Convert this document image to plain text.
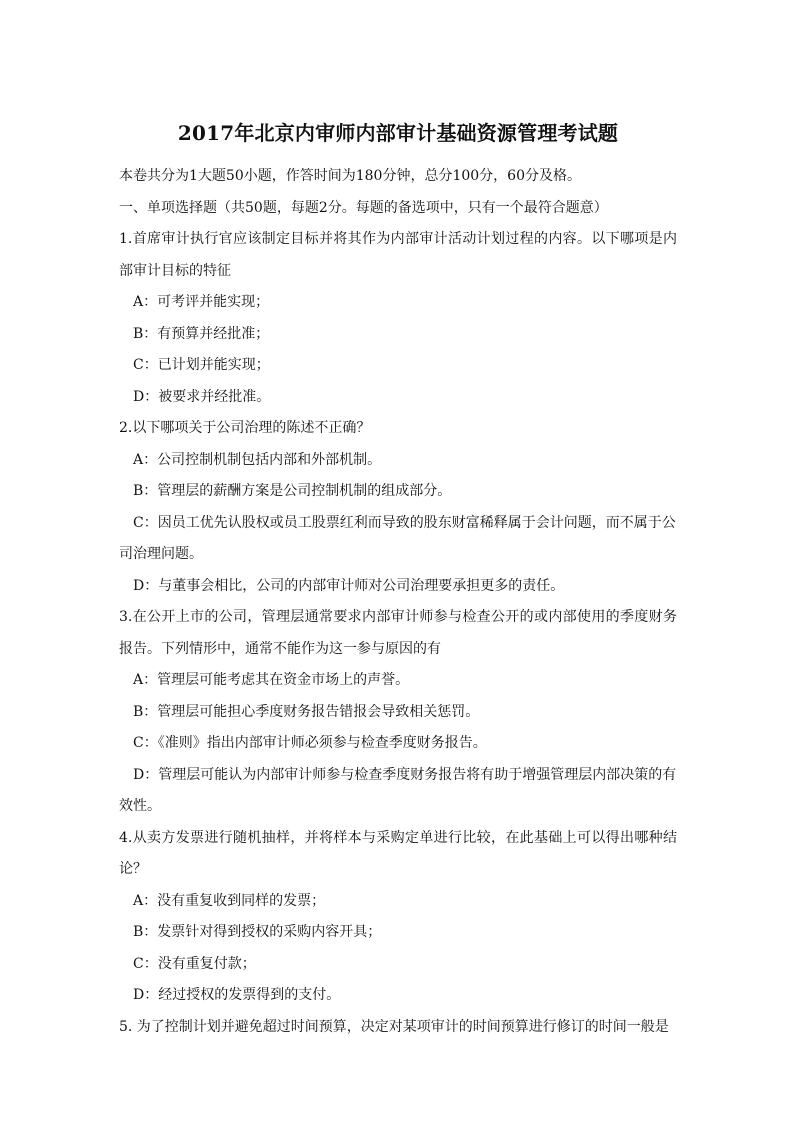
2017年北京内审师内部审计基础资源管理考试题

本卷共分为1大题50小题，作答时间为180分钟，总分100分，60分及格。

一、单项选择题（共50题，每题2分。每题的备选项中，只有一个最符合题意）

1.首席审计执行官应该制定目标并将其作为内部审计活动计划过程的内容。以下哪项是内部审计目标的特征

A：可考评并能实现；

B：有预算并经批准；

C：已计划并能实现；

D：被要求并经批准。

2.以下哪项关于公司治理的陈述不正确？

A：公司控制机制包括内部和外部机制。

B：管理层的薪酬方案是公司控制机制的组成部分。

C：因员工优先认股权或员工股票红利而导致的股东财富稀释属于会计问题，而不属于公司治理问题。

D：与董事会相比，公司的内部审计师对公司治理要承担更多的责任。

3.在公开上市的公司，管理层通常要求内部审计师参与检查公开的或内部使用的季度财务报告。下列情形中，通常不能作为这一参与原因的有

A：管理层可能考虑其在资金市场上的声誉。

B：管理层可能担心季度财务报告错报会导致相关惩罚。

C：《准则》指出内部审计师必须参与检查季度财务报告。

D：管理层可能认为内部审计师参与检查季度财务报告将有助于增强管理层内部决策的有效性。

4.从卖方发票进行随机抽样，并将样本与采购定单进行比较，在此基础上可以得出哪种结论？

A：没有重复收到同样的发票；

B：发票针对得到授权的采购内容开具；

C：没有重复付款；

D：经过授权的发票得到的支付。

5. 为了控制计划并避免超过时间预算，决定对某项审计的时间预算进行修订的时间一般是
